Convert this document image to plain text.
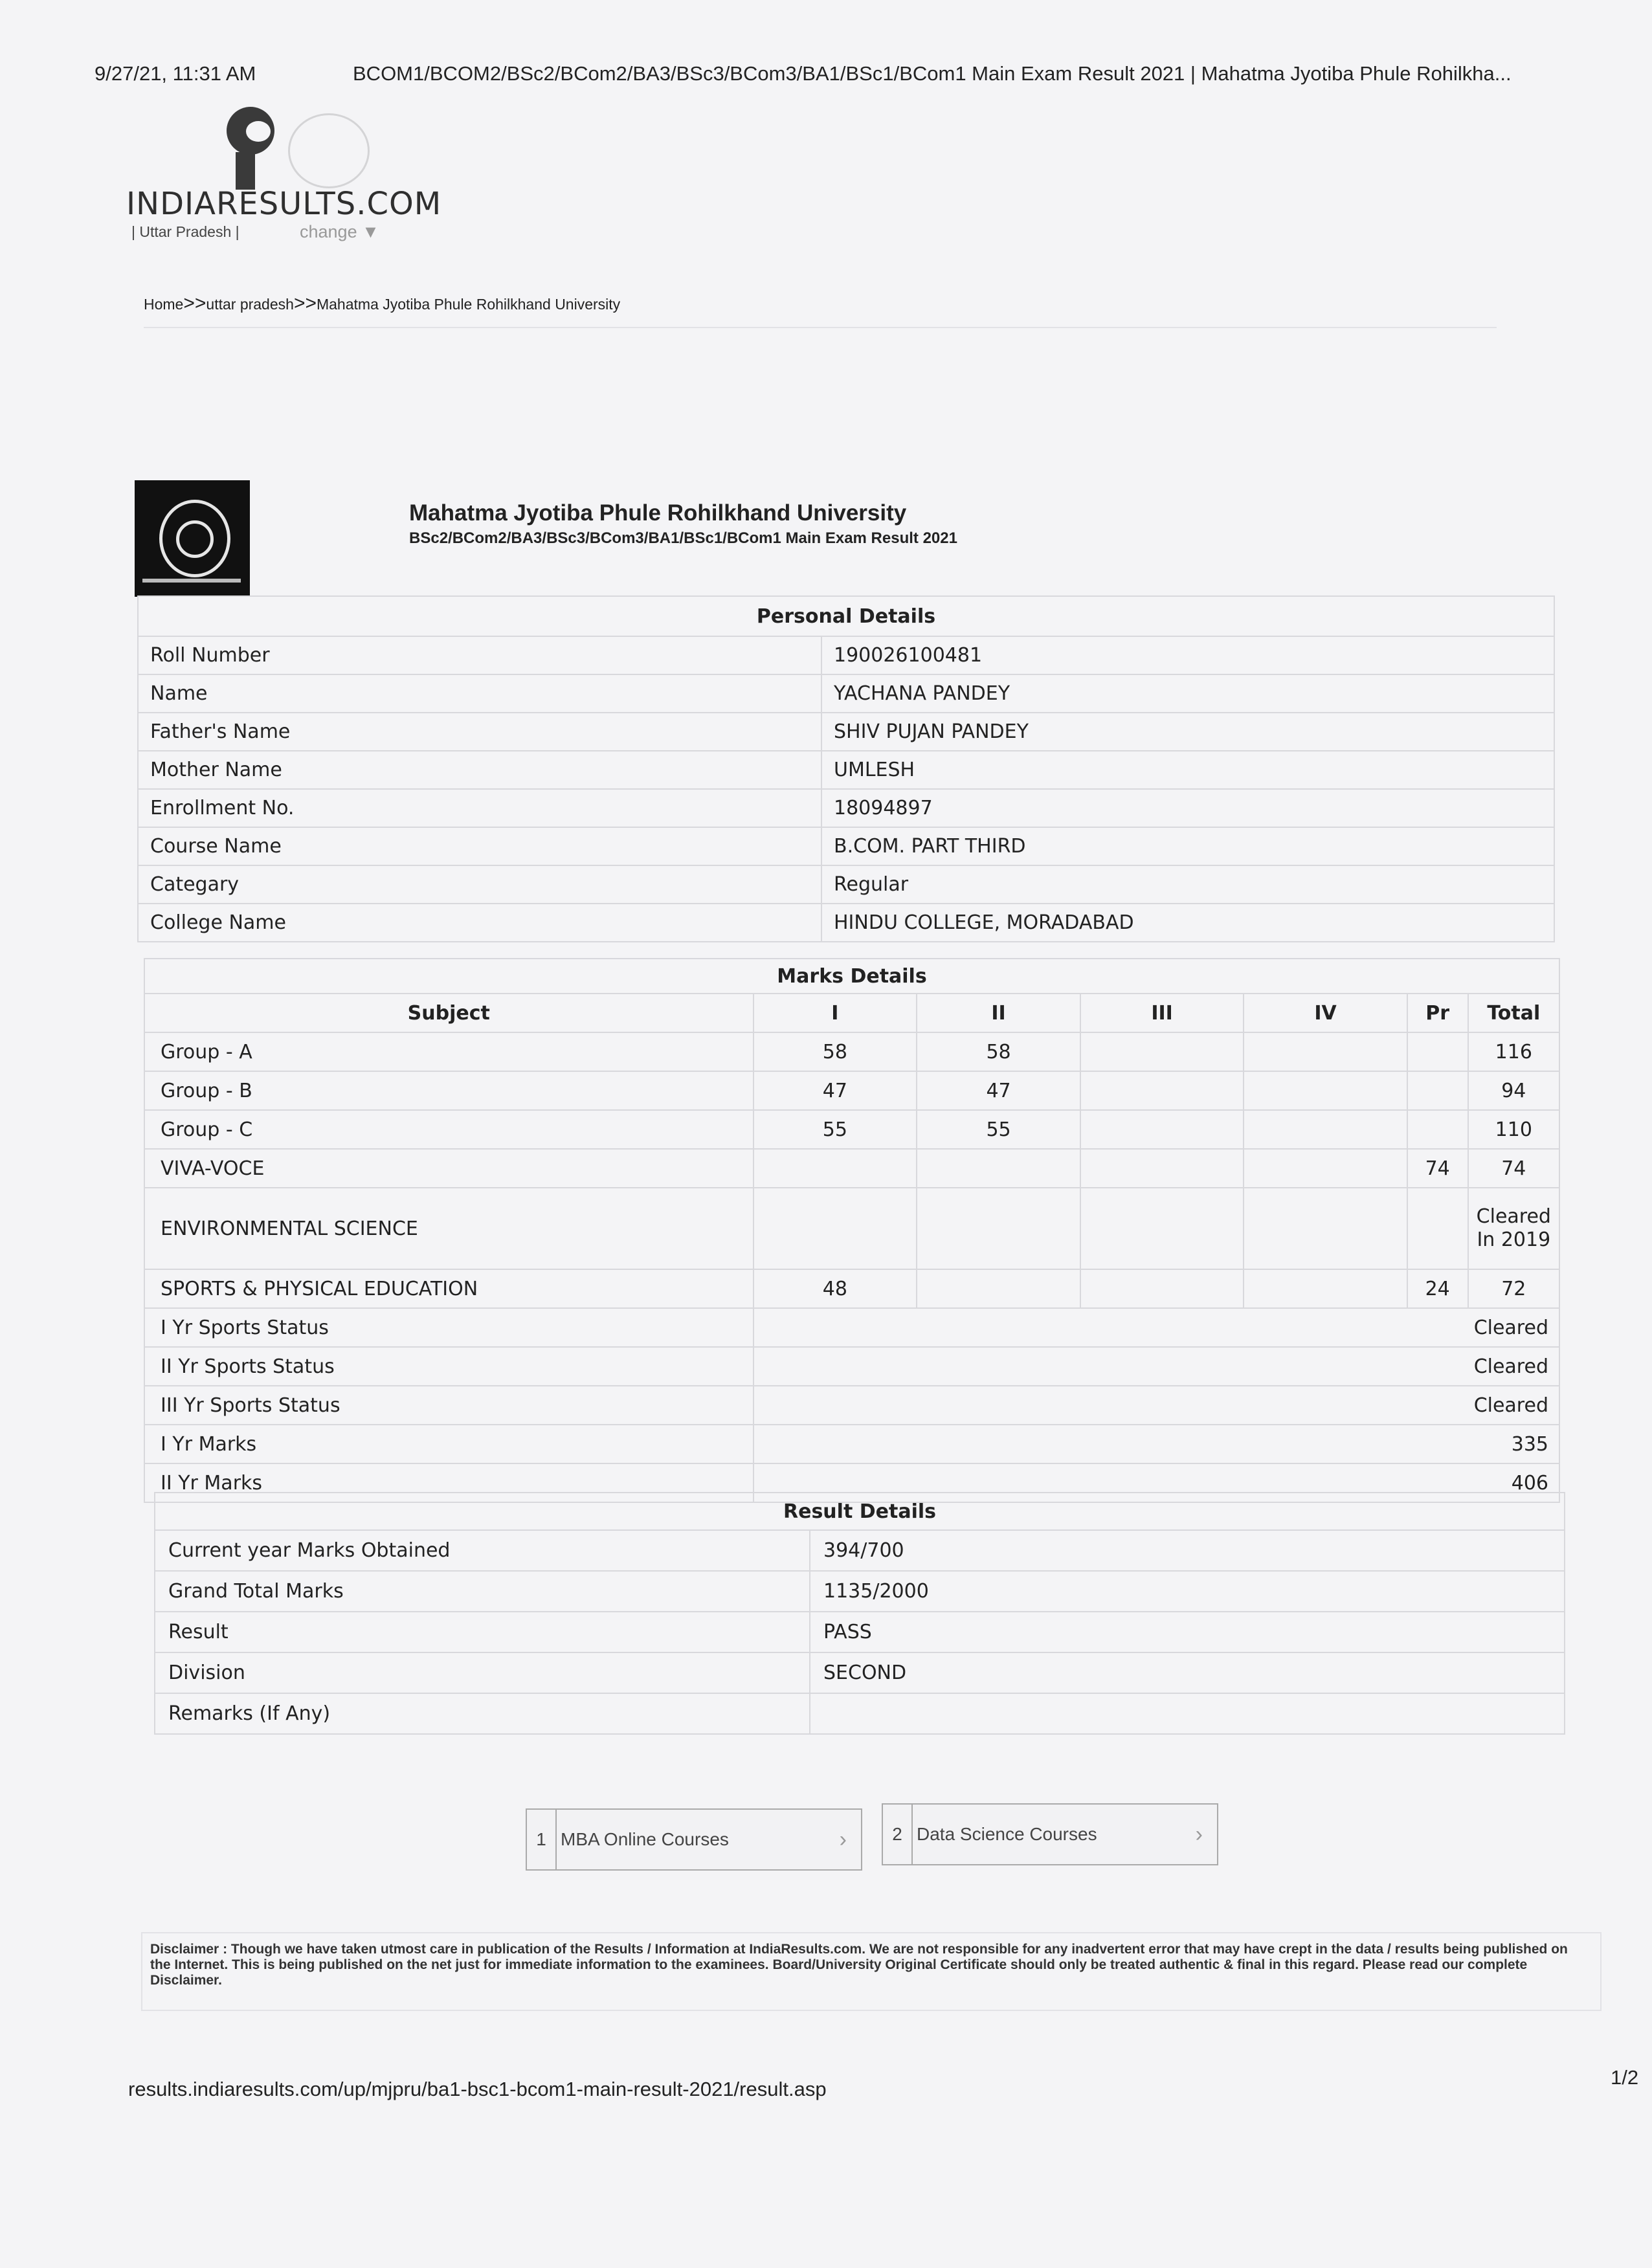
9/27/21, 11:31 AM	BCOM1/BCOM2/BSc2/BCom2/BA3/BSc3/BCom3/BA1/BSc1/BCom1 Main Exam Result 2021 | Mahatma Jyotiba Phule Rohilkha...
INDIARESULTS.COM
| Uttar Pradesh |	change ▼
Home>>uttar pradesh>>Mahatma Jyotiba Phule Rohilkhand University
Mahatma Jyotiba Phule Rohilkhand University
BSc2/BCom2/BA3/BSc3/BCom3/BA1/BSc1/BCom1 Main Exam Result 2021
Personal Details	
Roll Number	190026100481
Name	YACHANA PANDEY
Father's Name	SHIV PUJAN PANDEY
Mother Name	UMLESH
Enrollment No.	18094897
Course Name	B.COM. PART THIRD
Categary	Regular
College Name	HINDU COLLEGE, MORADABAD
Marks Details						
Subject	I	II	III	IV	Pr	Total
Group - A	58	58				116
Group - B	47	47				94
Group - C	55	55				110
VIVA-VOCE					74	74
ENVIRONMENTAL SCIENCE						Cleared In 2019
SPORTS & PHYSICAL EDUCATION	48				24	72
I Yr Sports Status	Cleared					
II Yr Sports Status	Cleared					
III Yr Sports Status	Cleared					
I Yr Marks	335					
II Yr Marks	406					
Result Details	
Current year Marks Obtained	394/700
Grand Total Marks	1135/2000
Result	PASS
Division	SECOND
Remarks (If Any)	
1 MBA Online Courses	›	2 Data Science Courses	›
Disclaimer : Though we have taken utmost care in publication of the Results / Information at IndiaResults.com. We are not responsible for any inadvertent error that may have crept in the data / results being published on the Internet. This is being published on the net just for immediate information to the examinees. Board/University Original Certificate should only be treated authentic & final in this regard. Please read our complete Disclaimer.
results.indiaresults.com/up/mjpru/ba1-bsc1-bcom1-main-result-2021/result.asp
1/2
